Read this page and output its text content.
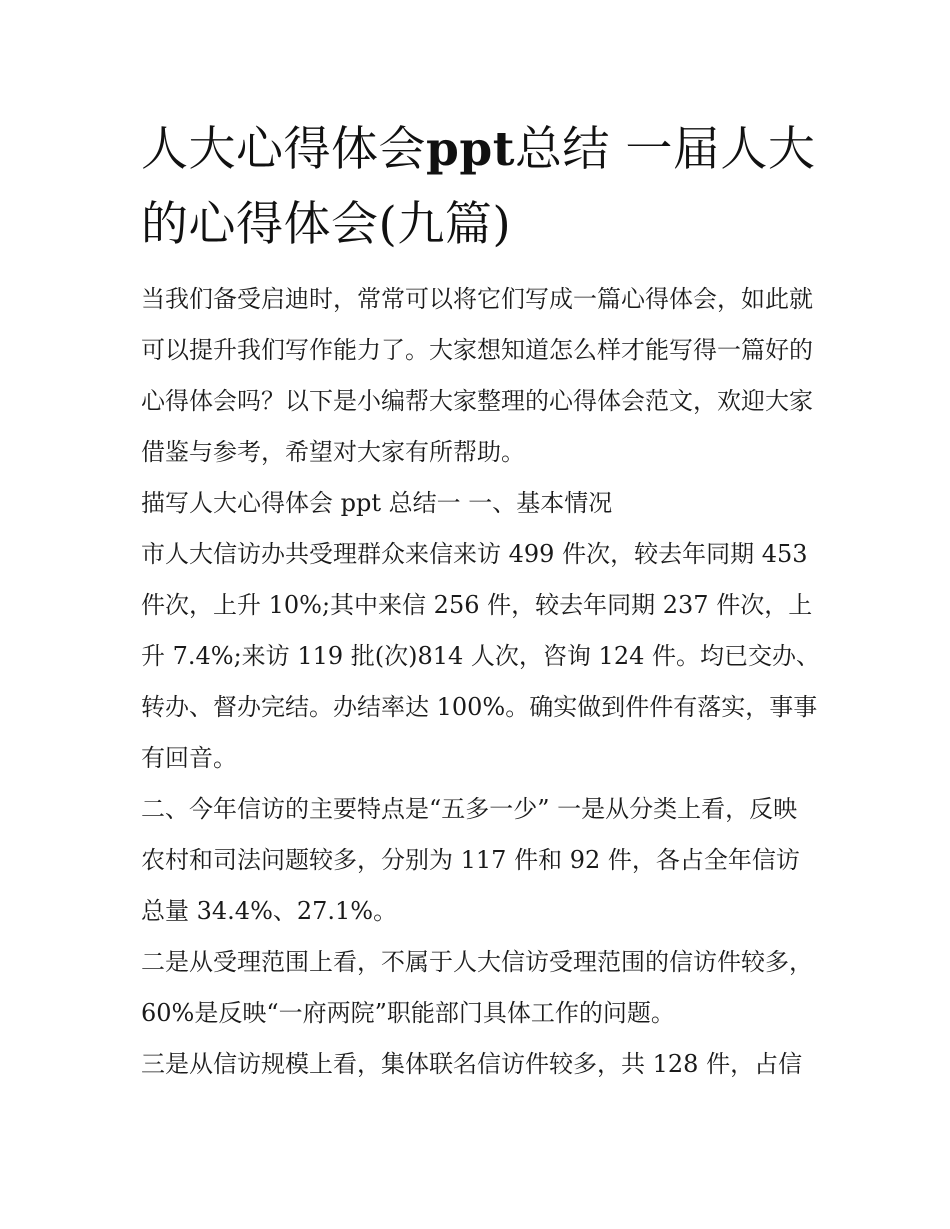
人大心得体会ppt总结 一届人大的心得体会(九篇)

当我们备受启迪时，常常可以将它们写成一篇心得体会，如此就可以提升我们写作能力了。大家想知道怎么样才能写得一篇好的心得体会吗？以下是小编帮大家整理的心得体会范文，欢迎大家借鉴与参考，希望对大家有所帮助。

描写人大心得体会 ppt 总结一 一、基本情况

市人大信访办共受理群众来信来访 499 件次，较去年同期 453 件次，上升 10%;其中来信 256 件，较去年同期 237 件次，上升 7.4%;来访 119 批(次)814 人次，咨询 124 件。均已交办、转办、督办完结。办结率达 100%。确实做到件件有落实，事事有回音。

二、今年信访的主要特点是“五多一少” 一是从分类上看，反映农村和司法问题较多，分别为 117 件和 92 件，各占全年信访总量 34.4%、27.1%。

二是从受理范围上看，不属于人大信访受理范围的信访件较多，60%是反映“一府两院”职能部门具体工作的问题。

三是从信访规模上看，集体联名信访件较多，共 128 件，占信
